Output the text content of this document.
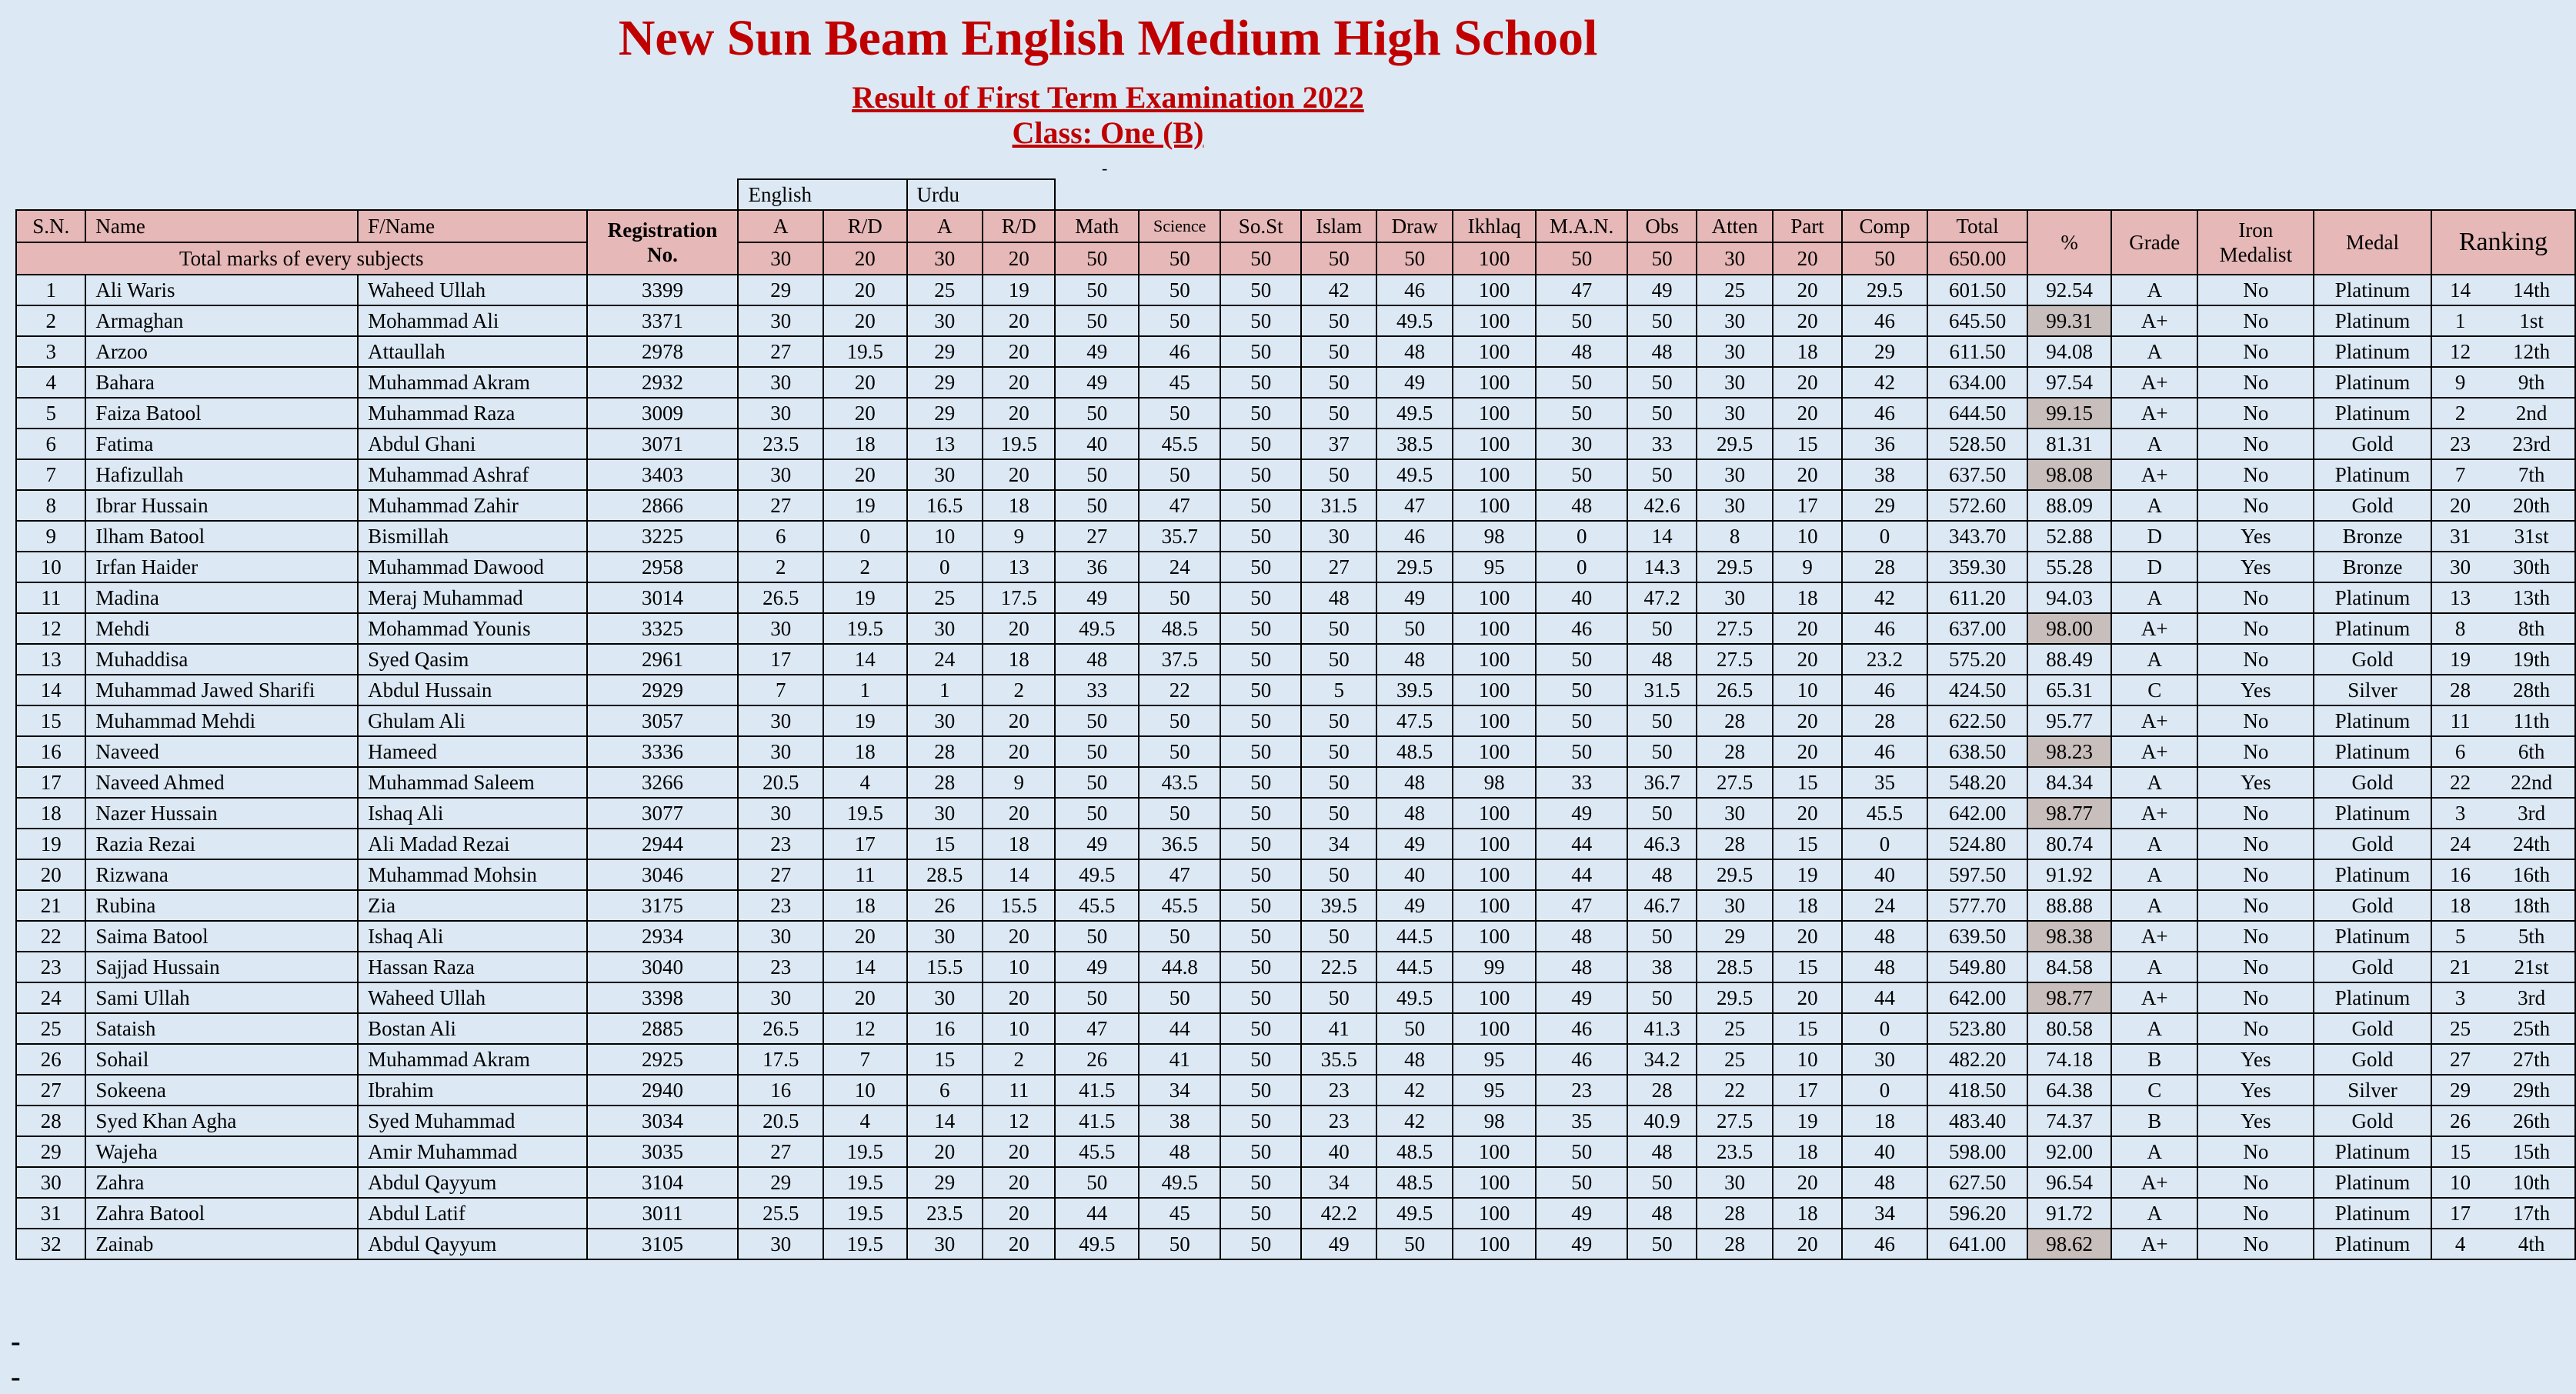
New Sun Beam English Medium High School
Result of First Term Examination 2022
Class: One (B)
-
				English		Urdu																			
S.N.	Name	F/Name	Registration No.	A	R/D	A	R/D	Math	Science	So.St	Islam	Draw	Ikhlaq	M.A.N.	Obs	Atten	Part	Comp	Total	%	Grade	Iron Medalist	Medal	Ranking	
Total marks of every subjects				30	20	30	20	50	50	50	50	50	100	50	50	30	20	50	650.00						
1	Ali Waris	Waheed Ullah	3399	29	20	25	19	50	50	50	42	46	100	47	49	25	20	29.5	601.50	92.54	A	No	Platinum	14	14th
2	Armaghan	Mohammad Ali	3371	30	20	30	20	50	50	50	50	49.5	100	50	50	30	20	46	645.50	99.31	A+	No	Platinum	1	1st
3	Arzoo	Attaullah	2978	27	19.5	29	20	49	46	50	50	48	100	48	48	30	18	29	611.50	94.08	A	No	Platinum	12	12th
4	Bahara	Muhammad Akram	2932	30	20	29	20	49	45	50	50	49	100	50	50	30	20	42	634.00	97.54	A+	No	Platinum	9	9th
5	Faiza Batool	Muhammad Raza	3009	30	20	29	20	50	50	50	50	49.5	100	50	50	30	20	46	644.50	99.15	A+	No	Platinum	2	2nd
6	Fatima	Abdul Ghani	3071	23.5	18	13	19.5	40	45.5	50	37	38.5	100	30	33	29.5	15	36	528.50	81.31	A	No	Gold	23	23rd
7	Hafizullah	Muhammad Ashraf	3403	30	20	30	20	50	50	50	50	49.5	100	50	50	30	20	38	637.50	98.08	A+	No	Platinum	7	7th
8	Ibrar Hussain	Muhammad Zahir	2866	27	19	16.5	18	50	47	50	31.5	47	100	48	42.6	30	17	29	572.60	88.09	A	No	Gold	20	20th
9	Ilham Batool	Bismillah	3225	6	0	10	9	27	35.7	50	30	46	98	0	14	8	10	0	343.70	52.88	D	Yes	Bronze	31	31st
10	Irfan Haider	Muhammad Dawood	2958	2	2	0	13	36	24	50	27	29.5	95	0	14.3	29.5	9	28	359.30	55.28	D	Yes	Bronze	30	30th
11	Madina	Meraj Muhammad	3014	26.5	19	25	17.5	49	50	50	48	49	100	40	47.2	30	18	42	611.20	94.03	A	No	Platinum	13	13th
12	Mehdi	Mohammad Younis	3325	30	19.5	30	20	49.5	48.5	50	50	50	100	46	50	27.5	20	46	637.00	98.00	A+	No	Platinum	8	8th
13	Muhaddisa	Syed Qasim	2961	17	14	24	18	48	37.5	50	50	48	100	50	48	27.5	20	23.2	575.20	88.49	A	No	Gold	19	19th
14	Muhammad Jawed Sharifi	Abdul Hussain	2929	7	1	1	2	33	22	50	5	39.5	100	50	31.5	26.5	10	46	424.50	65.31	C	Yes	Silver	28	28th
15	Muhammad Mehdi	Ghulam Ali	3057	30	19	30	20	50	50	50	50	47.5	100	50	50	28	20	28	622.50	95.77	A+	No	Platinum	11	11th
16	Naveed	Hameed	3336	30	18	28	20	50	50	50	50	48.5	100	50	50	28	20	46	638.50	98.23	A+	No	Platinum	6	6th
17	Naveed Ahmed	Muhammad Saleem	3266	20.5	4	28	9	50	43.5	50	50	48	98	33	36.7	27.5	15	35	548.20	84.34	A	Yes	Gold	22	22nd
18	Nazer Hussain	Ishaq Ali	3077	30	19.5	30	20	50	50	50	50	48	100	49	50	30	20	45.5	642.00	98.77	A+	No	Platinum	3	3rd
19	Razia Rezai	Ali Madad Rezai	2944	23	17	15	18	49	36.5	50	34	49	100	44	46.3	28	15	0	524.80	80.74	A	No	Gold	24	24th
20	Rizwana	Muhammad Mohsin	3046	27	11	28.5	14	49.5	47	50	50	40	100	44	48	29.5	19	40	597.50	91.92	A	No	Platinum	16	16th
21	Rubina	Zia	3175	23	18	26	15.5	45.5	45.5	50	39.5	49	100	47	46.7	30	18	24	577.70	88.88	A	No	Gold	18	18th
22	Saima Batool	Ishaq Ali	2934	30	20	30	20	50	50	50	50	44.5	100	48	50	29	20	48	639.50	98.38	A+	No	Platinum	5	5th
23	Sajjad Hussain	Hassan Raza	3040	23	14	15.5	10	49	44.8	50	22.5	44.5	99	48	38	28.5	15	48	549.80	84.58	A	No	Gold	21	21st
24	Sami Ullah	Waheed Ullah	3398	30	20	30	20	50	50	50	50	49.5	100	49	50	29.5	20	44	642.00	98.77	A+	No	Platinum	3	3rd
25	Sataish	Bostan Ali	2885	26.5	12	16	10	47	44	50	41	50	100	46	41.3	25	15	0	523.80	80.58	A	No	Gold	25	25th
26	Sohail	Muhammad Akram	2925	17.5	7	15	2	26	41	50	35.5	48	95	46	34.2	25	10	30	482.20	74.18	B	Yes	Gold	27	27th
27	Sokeena	Ibrahim	2940	16	10	6	11	41.5	34	50	23	42	95	23	28	22	17	0	418.50	64.38	C	Yes	Silver	29	29th
28	Syed Khan Agha	Syed Muhammad	3034	20.5	4	14	12	41.5	38	50	23	42	98	35	40.9	27.5	19	18	483.40	74.37	B	Yes	Gold	26	26th
29	Wajeha	Amir Muhammad	3035	27	19.5	20	20	45.5	48	50	40	48.5	100	50	48	23.5	18	40	598.00	92.00	A	No	Platinum	15	15th
30	Zahra	Abdul Qayyum	3104	29	19.5	29	20	50	49.5	50	34	48.5	100	50	50	30	20	48	627.50	96.54	A+	No	Platinum	10	10th
31	Zahra Batool	Abdul Latif	3011	25.5	19.5	23.5	20	44	45	50	42.2	49.5	100	49	48	28	18	34	596.20	91.72	A	No	Platinum	17	17th
32	Zainab	Abdul Qayyum	3105	30	19.5	30	20	49.5	50	50	49	50	100	49	50	28	20	46	641.00	98.62	A+	No	Platinum	4	4th
-
-
